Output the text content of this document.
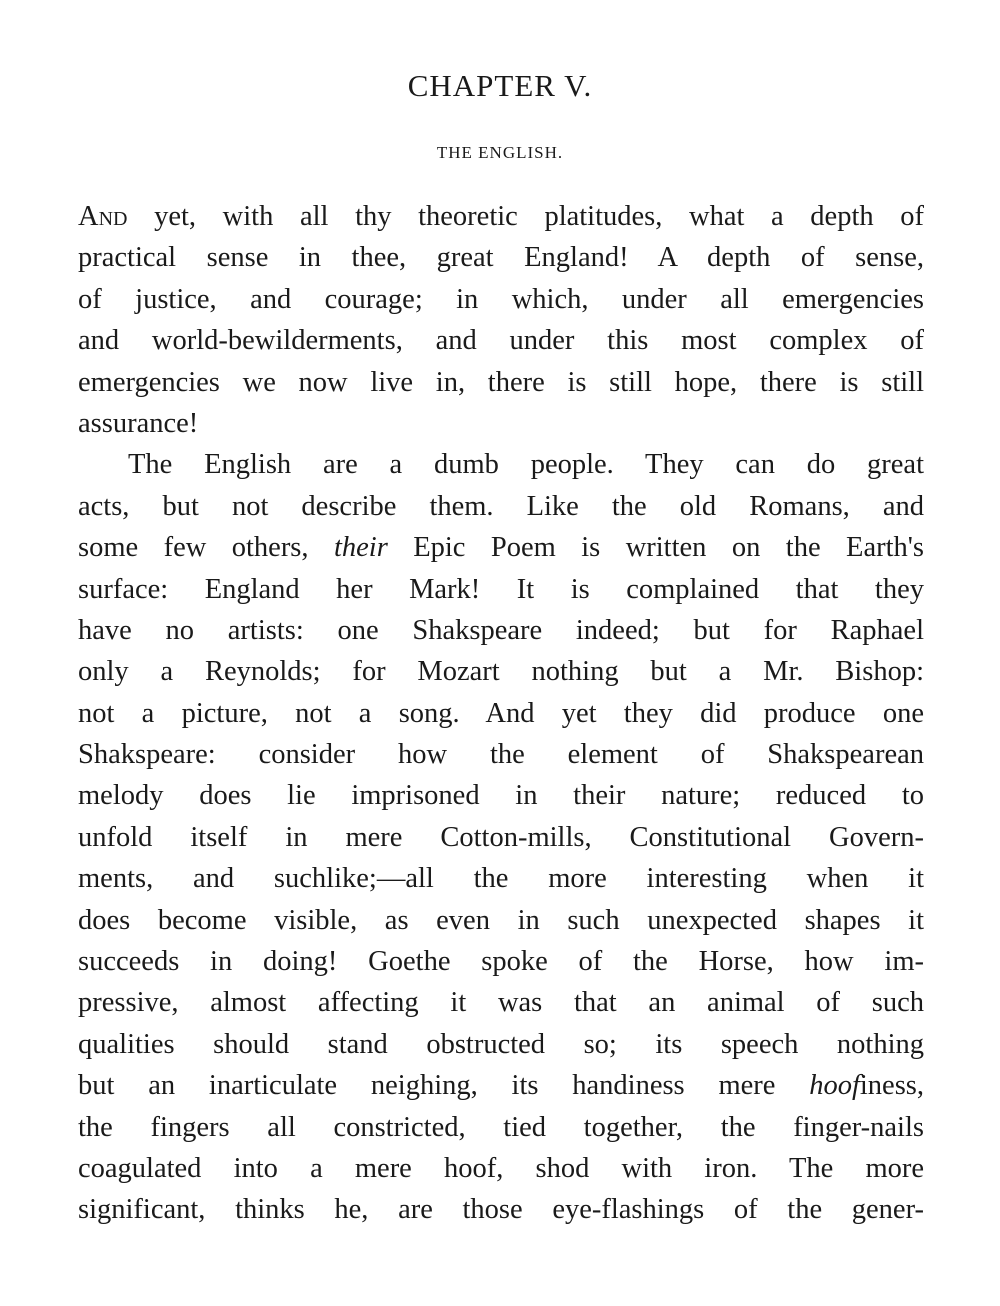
CHAPTER V.
THE ENGLISH.
And yet, with all thy theoretic platitudes, what a depth of
practical sense in thee, great England! A depth of sense,
of justice, and courage; in which, under all emergencies
and world-bewilderments, and under this most complex of
emergencies we now live in, there is still hope, there is still
assurance!
The English are a dumb people. They can do great
acts, but not describe them. Like the old Romans, and
some few others, their Epic Poem is written on the Earth's
surface: England her Mark! It is complained that they
have no artists: one Shakspeare indeed; but for Raphael
only a Reynolds; for Mozart nothing but a Mr. Bishop:
not a picture, not a song. And yet they did produce one
Shakspeare: consider how the element of Shakspearean
melody does lie imprisoned in their nature; reduced to
unfold itself in mere Cotton-mills, Constitutional Govern-
ments, and suchlike;—all the more interesting when it
does become visible, as even in such unexpected shapes it
succeeds in doing! Goethe spoke of the Horse, how im-
pressive, almost affecting it was that an animal of such
qualities should stand obstructed so; its speech nothing
but an inarticulate neighing, its handiness mere hoofiness,
the fingers all constricted, tied together, the finger-nails
coagulated into a mere hoof, shod with iron. The more
significant, thinks he, are those eye-flashings of the gener-
